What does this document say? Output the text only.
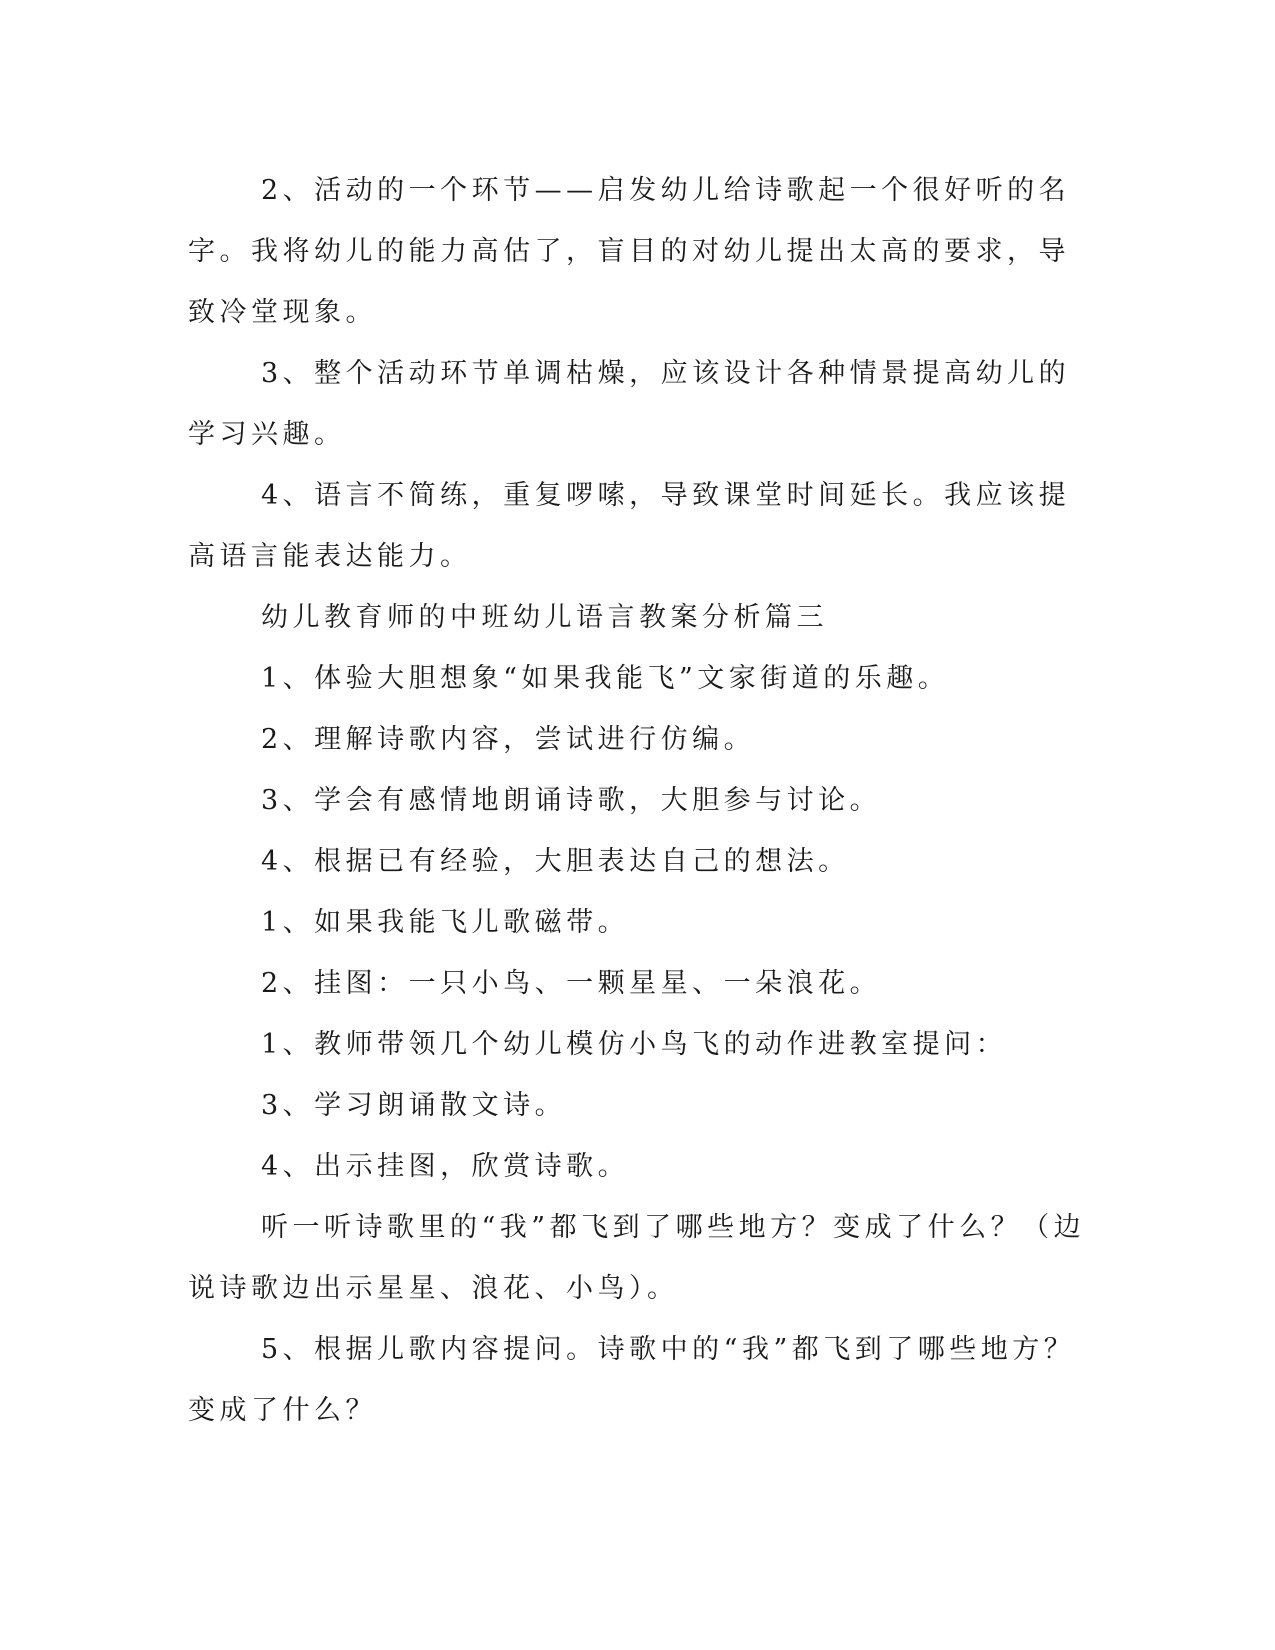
2、活动的一个环节——启发幼儿给诗歌起一个很好听的名字。我将幼儿的能力高估了，盲目的对幼儿提出太高的要求，导致冷堂现象。

3、整个活动环节单调枯燥，应该设计各种情景提高幼儿的学习兴趣。

4、语言不简练，重复啰嗦，导致课堂时间延长。我应该提高语言能表达能力。

幼儿教育师的中班幼儿语言教案分析篇三

1、体验大胆想象“如果我能飞”文家街道的乐趣。

2、理解诗歌内容，尝试进行仿编。

3、学会有感情地朗诵诗歌，大胆参与讨论。

4、根据已有经验，大胆表达自己的想法。

1、如果我能飞儿歌磁带。

2、挂图：一只小鸟、一颗星星、一朵浪花。

1、教师带领几个幼儿模仿小鸟飞的动作进教室提问：

3、学习朗诵散文诗。

4、出示挂图，欣赏诗歌。

听一听诗歌里的“我”都飞到了哪些地方？变成了什么？（边说诗歌边出示星星、浪花、小鸟）。

5、根据儿歌内容提问。诗歌中的“我”都飞到了哪些地方？变成了什么？
